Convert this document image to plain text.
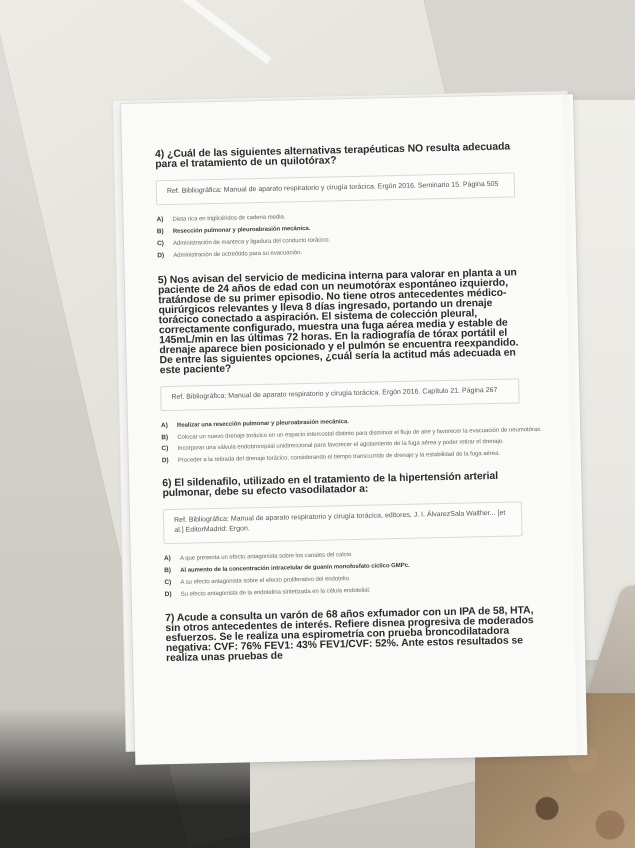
4) ¿Cuál de las siguientes alternativas terapéuticas NO resulta adecuada para el tratamiento de un quilotórax?
Ref. Bibliográfica: Manual de aparato respiratorio y cirugía torácica. Ergón 2016. Seminario 15. Página 505
A)	Dieta rica en triglicéridos de cadena media.
B)	Resección pulmonar y pleuroabrasión mecánica.
C)	Administración de manteca y ligadura del conducto torácico.
D)	Administración de octreótido para su evacuación.
5) Nos avisan del servicio de medicina interna para valorar en planta a un paciente de 24 años de edad con un neumotórax espontáneo izquierdo, tratándose de su primer episodio. No tiene otros antecedentes médico-quirúrgicos relevantes y lleva 8 días ingresado, portando un drenaje torácico conectado a aspiración. El sistema de colección pleural, correctamente configurado, muestra una fuga aérea media y estable de 145mL/min en las últimas 72 horas. En la radiografía de tórax portátil el drenaje aparece bien posicionado y el pulmón se encuentra reexpandido. De entre las siguientes opciones, ¿cuál sería la actitud más adecuada en este paciente?
Ref. Bibliográfica: Manual de aparato respiratorio y cirugía torácica. Ergón 2016. Capítulo 21. Página 267
A)	Realizar una resección pulmonar y pleuroabrasión mecánica.
B)	Colocar un nuevo drenaje torácico en un espacio intercostal distinto para disminuir el flujo de aire y favorecer la evacuación de neumotórax.
C)	Incorporar una válvula endobronquial unidireccional para favorecer el agotamiento de la fuga aérea y poder retirar el drenaje.
D)	Proceder a la retirada del drenaje torácico, considerando el tiempo transcurrido de drenaje y la estabilidad de la fuga aérea.
6) El sildenafilo, utilizado en el tratamiento de la hipertensión arterial pulmonar, debe su efecto vasodilatador a:
Ref. Bibliográfica: Manual de aparato respiratorio y cirugía torácica, editores, J. I. ÁlvarezSala Walther... [et al.] EditorMadrid: Ergon.
A)	A que presenta un efecto antagonista sobre los canales del calcio.
B)	Al aumento de la concentración intracelular de guanín monofosfato cíclico GMPc.
C)	A su efecto antagonista sobre el efecto proliferativo del endotelio.
D)	Su efecto antagonista de la endotelina sintetizada en la célula endotelial.
7) Acude a consulta un varón de 68 años exfumador con un IPA de 58, HTA, sin otros antecedentes de interés. Refiere disnea progresiva de moderados esfuerzos. Se le realiza una espirometría con prueba broncodilatadora negativa: CVF: 76% FEV1: 43% FEV1/CVF: 52%. Ante estos resultados se realiza unas pruebas de
